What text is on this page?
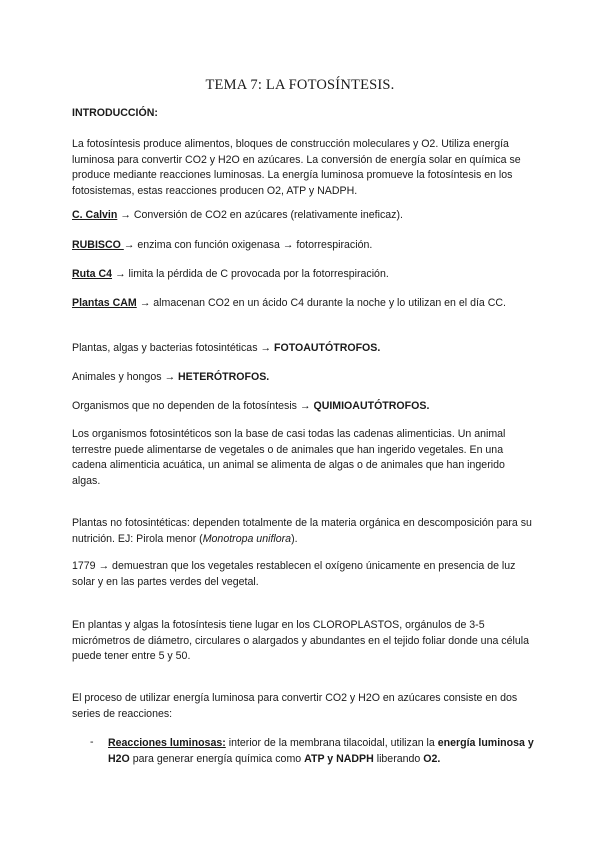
TEMA 7: LA FOTOSÍNTESIS.

INTRODUCCIÓN:

La fotosíntesis produce alimentos, bloques de construcción moleculares y O2. Utiliza energía luminosa para convertir CO2 y H2O en azúcares. La conversión de energía solar en química se produce mediante reacciones luminosas. La energía luminosa promueve la fotosíntesis en los fotosistemas, estas reacciones producen O2, ATP y NADPH.

C. Calvin → Conversión de CO2 en azúcares (relativamente ineficaz).

RUBISCO → enzima con función oxigenasa → fotorrespiración.

Ruta C4 → limita la pérdida de C provocada por la fotorrespiración.

Plantas CAM → almacenan CO2 en un ácido C4 durante la noche y lo utilizan en el día CC.

Plantas, algas y bacterias fotosintéticas → FOTOAUTÓTROFOS.

Animales y hongos → HETERÓTROFOS.

Organismos que no dependen de la fotosíntesis → QUIMIOAUTÓTROFOS.

Los organismos fotosintéticos son la base de casi todas las cadenas alimenticias. Un animal terrestre puede alimentarse de vegetales o de animales que han ingerido vegetales. En una cadena alimenticia acuática, un animal se alimenta de algas o de animales que han ingerido algas.

Plantas no fotosintéticas: dependen totalmente de la materia orgánica en descomposición para su nutrición. EJ: Pirola menor (Monotropa uniflora).

1779 → demuestran que los vegetales restablecen el oxígeno únicamente en presencia de luz solar y en las partes verdes del vegetal.

En plantas y algas la fotosíntesis tiene lugar en los CLOROPLASTOS, orgánulos de 3-5 micrómetros de diámetro, circulares o alargados y abundantes en el tejido foliar donde una célula puede tener entre 5 y 50.

El proceso de utilizar energía luminosa para convertir CO2 y H2O en azúcares consiste en dos series de reacciones:

- Reacciones luminosas: interior de la membrana tilacoidal, utilizan la energía luminosa y H2O para generar energía química como ATP y NADPH liberando O2.
